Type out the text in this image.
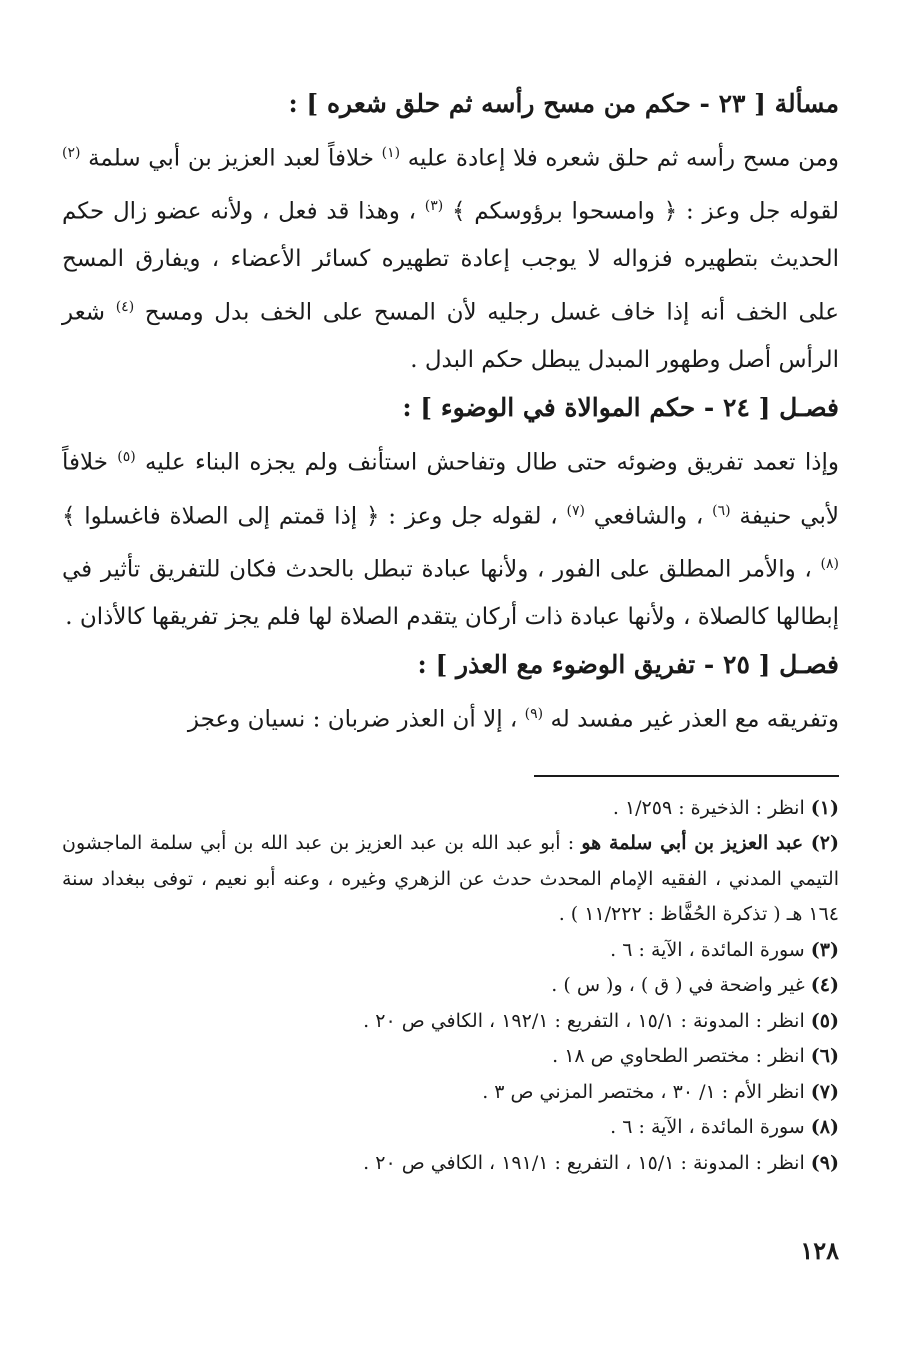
مسألة [ ٢٣ - حكم من مسح رأسه ثم حلق شعره ] :

ومن مسح رأسه ثم حلق شعره فلا إعادة عليه $^{(١)}$ خلافاً لعبد العزيز بن أبي سلمة $^{(٢)}$ لقوله جل وعز : ﴿ وامسحوا برؤوسكم ﴾ $^{(٣)}$ ، وهذا قد فعل ، ولأنه عضو زال حكم الحديث بتطهيره فزواله لا يوجب إعادة تطهيره كسائر الأعضاء ، ويفارق المسح على الخف أنه إذا خاف غسل رجليه لأن المسح على الخف بدل ومسح $^{(٤)}$ شعر الرأس أصل وطهور المبدل يبطل حكم البدل .

فصـل [ ٢٤ - حكم الموالاة في الوضوء ] :

وإذا تعمد تفريق وضوئه حتى طال وتفاحش استأنف ولم يجزه البناء عليه $^{(٥)}$ خلافاً لأبي حنيفة $^{(٦)}$ ، والشافعي $^{(٧)}$ ، لقوله جل وعز : ﴿ إذا قمتم إلى الصلاة فاغسلوا ﴾ $^{(٨)}$ ، والأمر المطلق على الفور ، ولأنها عبادة تبطل بالحدث فكان للتفريق تأثير في إبطالها كالصلاة ، ولأنها عبادة ذات أركان يتقدم الصلاة لها فلم يجز تفريقها كالأذان .

فصـل [ ٢٥ - تفريق الوضوء مع العذر ] :

وتفريقه مع العذر غير مفسد له $^{(٩)}$ ، إلا أن العذر ضربان : نسيان وعجز

(١) انظر : الذخيرة : ١/٢٥٩ .

(٢) عبد العزيز بن أبي سلمة هو : أبو عبد الله بن عبد العزيز بن عبد الله بن أبي سلمة الماجشون التيمي المدني ، الفقيه الإمام المحدث حدث عن الزهري وغيره ، وعنه أبو نعيم ، توفى ببغداد سنة ١٦٤ هـ ( تذكرة الحُفَّاظ : ١١/٢٢٢ ) .

(٣) سورة المائدة ، الآية : ٦ .

(٤) غير واضحة في ( ق ) ، و( س ) .

(٥) انظر : المدونة : ١٥/١ ، التفريع : ١٩٢/١ ، الكافي ص ٢٠ .

(٦) انظر : مختصر الطحاوي ص ١٨ .

(٧) انظر الأم : ١/ ٣٠ ، مختصر المزني ص ٣ .

(٨) سورة المائدة ، الآية : ٦ .

(٩) انظر : المدونة : ١٥/١ ، التفريع : ١٩١/١ ، الكافي ص ٢٠ .

١٢٨
